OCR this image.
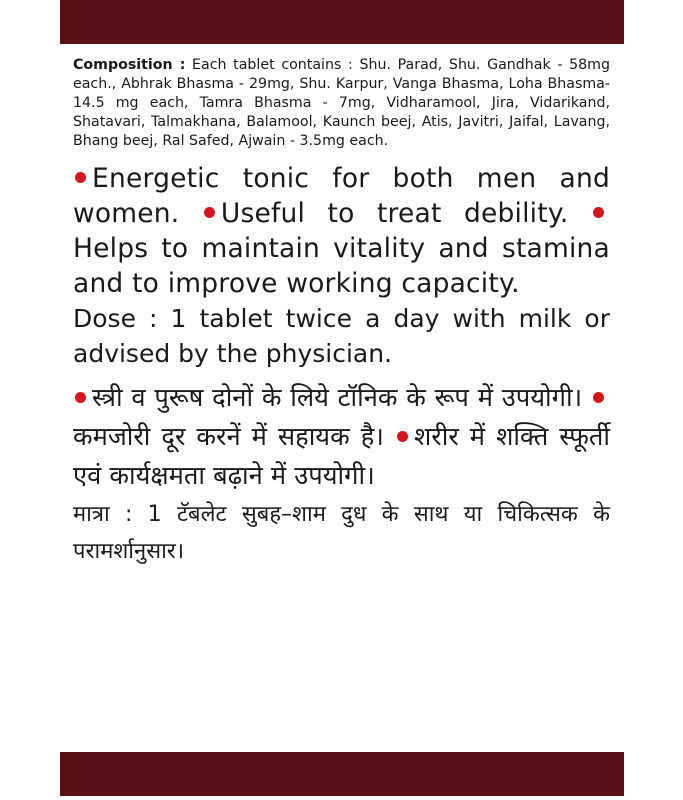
Composition : Each tablet contains : Shu. Parad, Shu. Gandhak - 58mg each., Abhrak Bhasma - 29mg, Shu. Karpur, Vanga Bhasma, Loha Bhasma-14.5 mg each, Tamra Bhasma - 7mg, Vidharamool, Jira, Vidarikand, Shatavari, Talmakhana, Balamool, Kaunch beej, Atis, Javitri, Jaifal, Lavang, Bhang beej, Ral Safed, Ajwain - 3.5mg each.

Energetic tonic for both men and women. Useful to treat debility. Helps to maintain vitality and stamina and to improve working capacity.

Dose : 1 tablet twice a day with milk or advised by the physician.

स्त्री व पुरूष दोनों के लिये टॉनिक के रूप में उपयोगी। कमजोरी दूर करनें में सहायक है। शरीर में शक्ति स्फूर्ती एवं कार्यक्षमता बढ़ाने में उपयोगी।

मात्रा : 1 टॅबलेट सुबह–शाम दुध के साथ या चिकित्सक के परामर्शानुसार।
